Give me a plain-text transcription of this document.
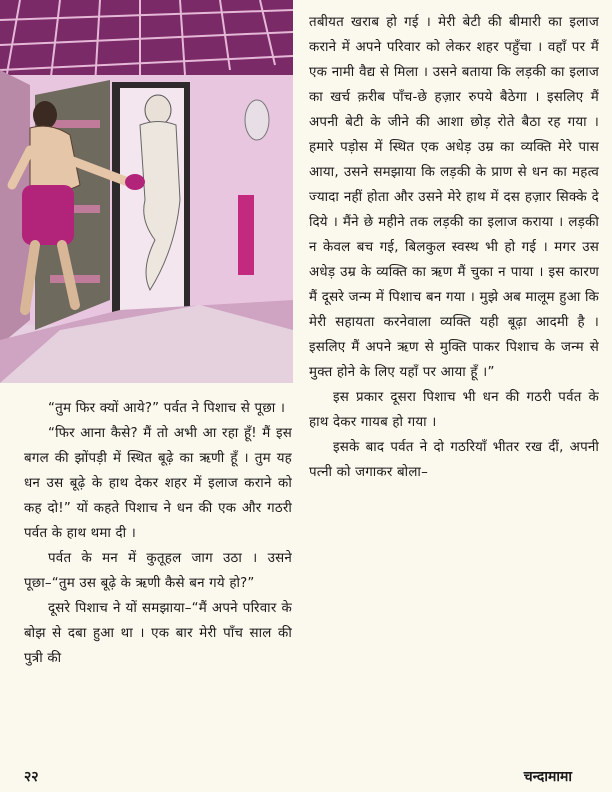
तबीयत खराब हो गई । मेरी बेटी की बीमारी का इलाज कराने में अपने परिवार को लेकर शहर पहुँचा । वहाँ पर मैं एक नामी वैद्य से मिला । उसने बताया कि लड़की का इलाज का खर्च क़रीब पाँच-छे हज़ार रुपये बैठेगा । इसलिए मैं अपनी बेटी के जीने की आशा छोड़ रोते बैठा रह गया । हमारे पड़ोस में स्थित एक अधेड़ उम्र का व्यक्ति मेरे पास आया, उसने समझाया कि लड़की के प्राण से धन का महत्व ज्यादा नहीं होता और उसने मेरे हाथ में दस हज़ार सिक्के दे दिये । मैंने छे महीने तक लड़की का इलाज कराया । लड़की न केवल बच गई, बिलकुल स्वस्थ भी हो गई । मगर उस अधेड़ उम्र के व्यक्ति का ऋण मैं चुका न पाया । इस कारण मैं दूसरे जन्म में पिशाच बन गया । मुझे अब मालूम हुआ कि मेरी सहायता करनेवाला व्यक्ति यही बूढ़ा आदमी है । इसलिए मैं अपने ऋण से मुक्ति पाकर पिशाच के जन्म से मुक्त होने के लिए यहाँ पर आया हूँ ।”

इस प्रकार दूसरा पिशाच भी धन की गठरी पर्वत के हाथ देकर गायब हो गया ।

इसके बाद पर्वत ने दो गठरियाँ भीतर रख दीं, अपनी पत्नी को जगाकर बोला–

“तुम फिर क्यों आये?” पर्वत ने पिशाच से पूछा ।

“फिर आना कैसे? मैं तो अभी आ रहा हूँ! मैं इस बगल की झोंपड़ी में स्थित बूढ़े का ऋणी हूँ । तुम यह धन उस बूढ़े के हाथ देकर शहर में इलाज कराने को कह दो!” यों कहते पिशाच ने धन की एक और गठरी पर्वत के हाथ थमा दी ।

पर्वत के मन में कुतूहल जाग उठा । उसने पूछा–“तुम उस बूढ़े के ऋणी कैसे बन गये हो?”

दूसरे पिशाच ने यों समझाया–“मैं अपने परिवार के बोझ से दबा हुआ था । एक बार मेरी पाँच साल की पुत्री की

२२	चन्दामामा
